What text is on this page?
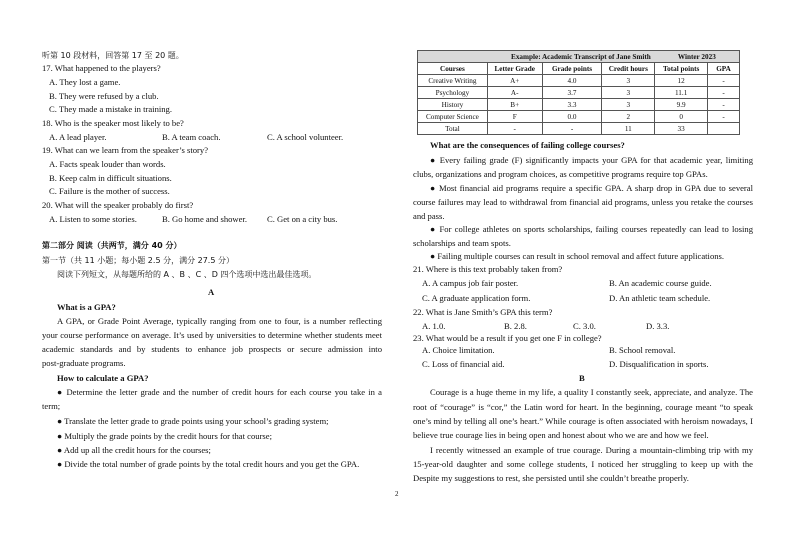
听第 10 段材料，回答第 17 至 20 题。
17. What happened to the players?
A. They lost a game.
B. They were refused by a club.
C. They made a mistake in training.
18. Who is the speaker most likely to be?
A. A lead player.	B. A team coach.	C. A school volunteer.
19. What can we learn from the speaker’s story?
A. Facts speak louder than words.
B. Keep calm in difficult situations.
C. Failure is the mother of success.
20. What will the speaker probably do first?
A. Listen to some stories.	B. Go home and shower. C. Get on a city bus.
第二部分 阅读（共两节，满分 40 分）
第一节（共 11 小题；每小题 2.5 分，满分 27.5 分）
阅读下列短文，从每题所给的 A 、B 、C 、D 四个选项中选出最佳选项。
A
What is a GPA?
A GPA, or Grade Point Average, typically ranging from one to four, is a number reflecting
your course performance on average. It’s used by universities to determine whether students meet
academic standards and by students to enhance job prospects or secure admission into
post-graduate programs.
How to calculate a GPA?
● Determine the letter grade and the number of credit hours for each course you take in a
term;
● Translate the letter grade to grade points using your school’s grading system;
● Multiply the grade points by the credit hours for that course;
● Add up all the credit hours for the courses;
● Divide the total number of grade points by the total credit hours and you get the GPA.
Example: Academic Transcript of Jane Smith				Winter 2023	
Courses	Letter Grade	Grade points	Credit hours	Total points	GPA
Creative Writing	A+	4.0	3	12	-
Psychology	A-	3.7	3	11.1	-
History	B+	3.3	3	9.9	-
Computer Science	F	0.0	2	0	-
Total	-	-	11	33	
What are the consequences of failing college courses?
● Every failing grade (F) significantly impacts your GPA for that academic year, limiting
clubs, organizations and program choices, as competitive programs require top GPAs.
● Most financial aid programs require a specific GPA. A sharp drop in GPA due to several
course failures may lead to withdrawal from financial aid programs, unless you retake the courses
and pass.
● For college athletes on sports scholarships, failing courses repeatedly can lead to losing
scholarships and team spots.
● Failing multiple courses can result in school removal and affect future applications.
21. Where is this text probably taken from?
A. A campus job fair poster.	B. An academic course guide.
C. A graduate application form.	D. An athletic team schedule.
22. What is Jane Smith’s GPA this term?
A. 1.0.	B. 2.8.	C. 3.0.	D. 3.3.
23. What would be a result if you get one F in college?
A. Choice limitation.	B. School removal.
C. Loss of financial aid.	D. Disqualification in sports.
B
Courage is a huge theme in my life, a quality I constantly seek, appreciate, and analyze. The
root of “courage” is “cor,” the Latin word for heart. In the beginning, courage meant “to speak
one’s mind by telling all one’s heart.” While courage is often associated with heroism nowadays, I
believe true courage lies in being open and honest about who we are and how we feel.
I recently witnessed an example of true courage. During a mountain-climbing trip with my
15-year-old daughter and some college students, I noticed her struggling to keep up with the
Despite my suggestions to rest, she persisted until she couldn’t breathe properly.
2
